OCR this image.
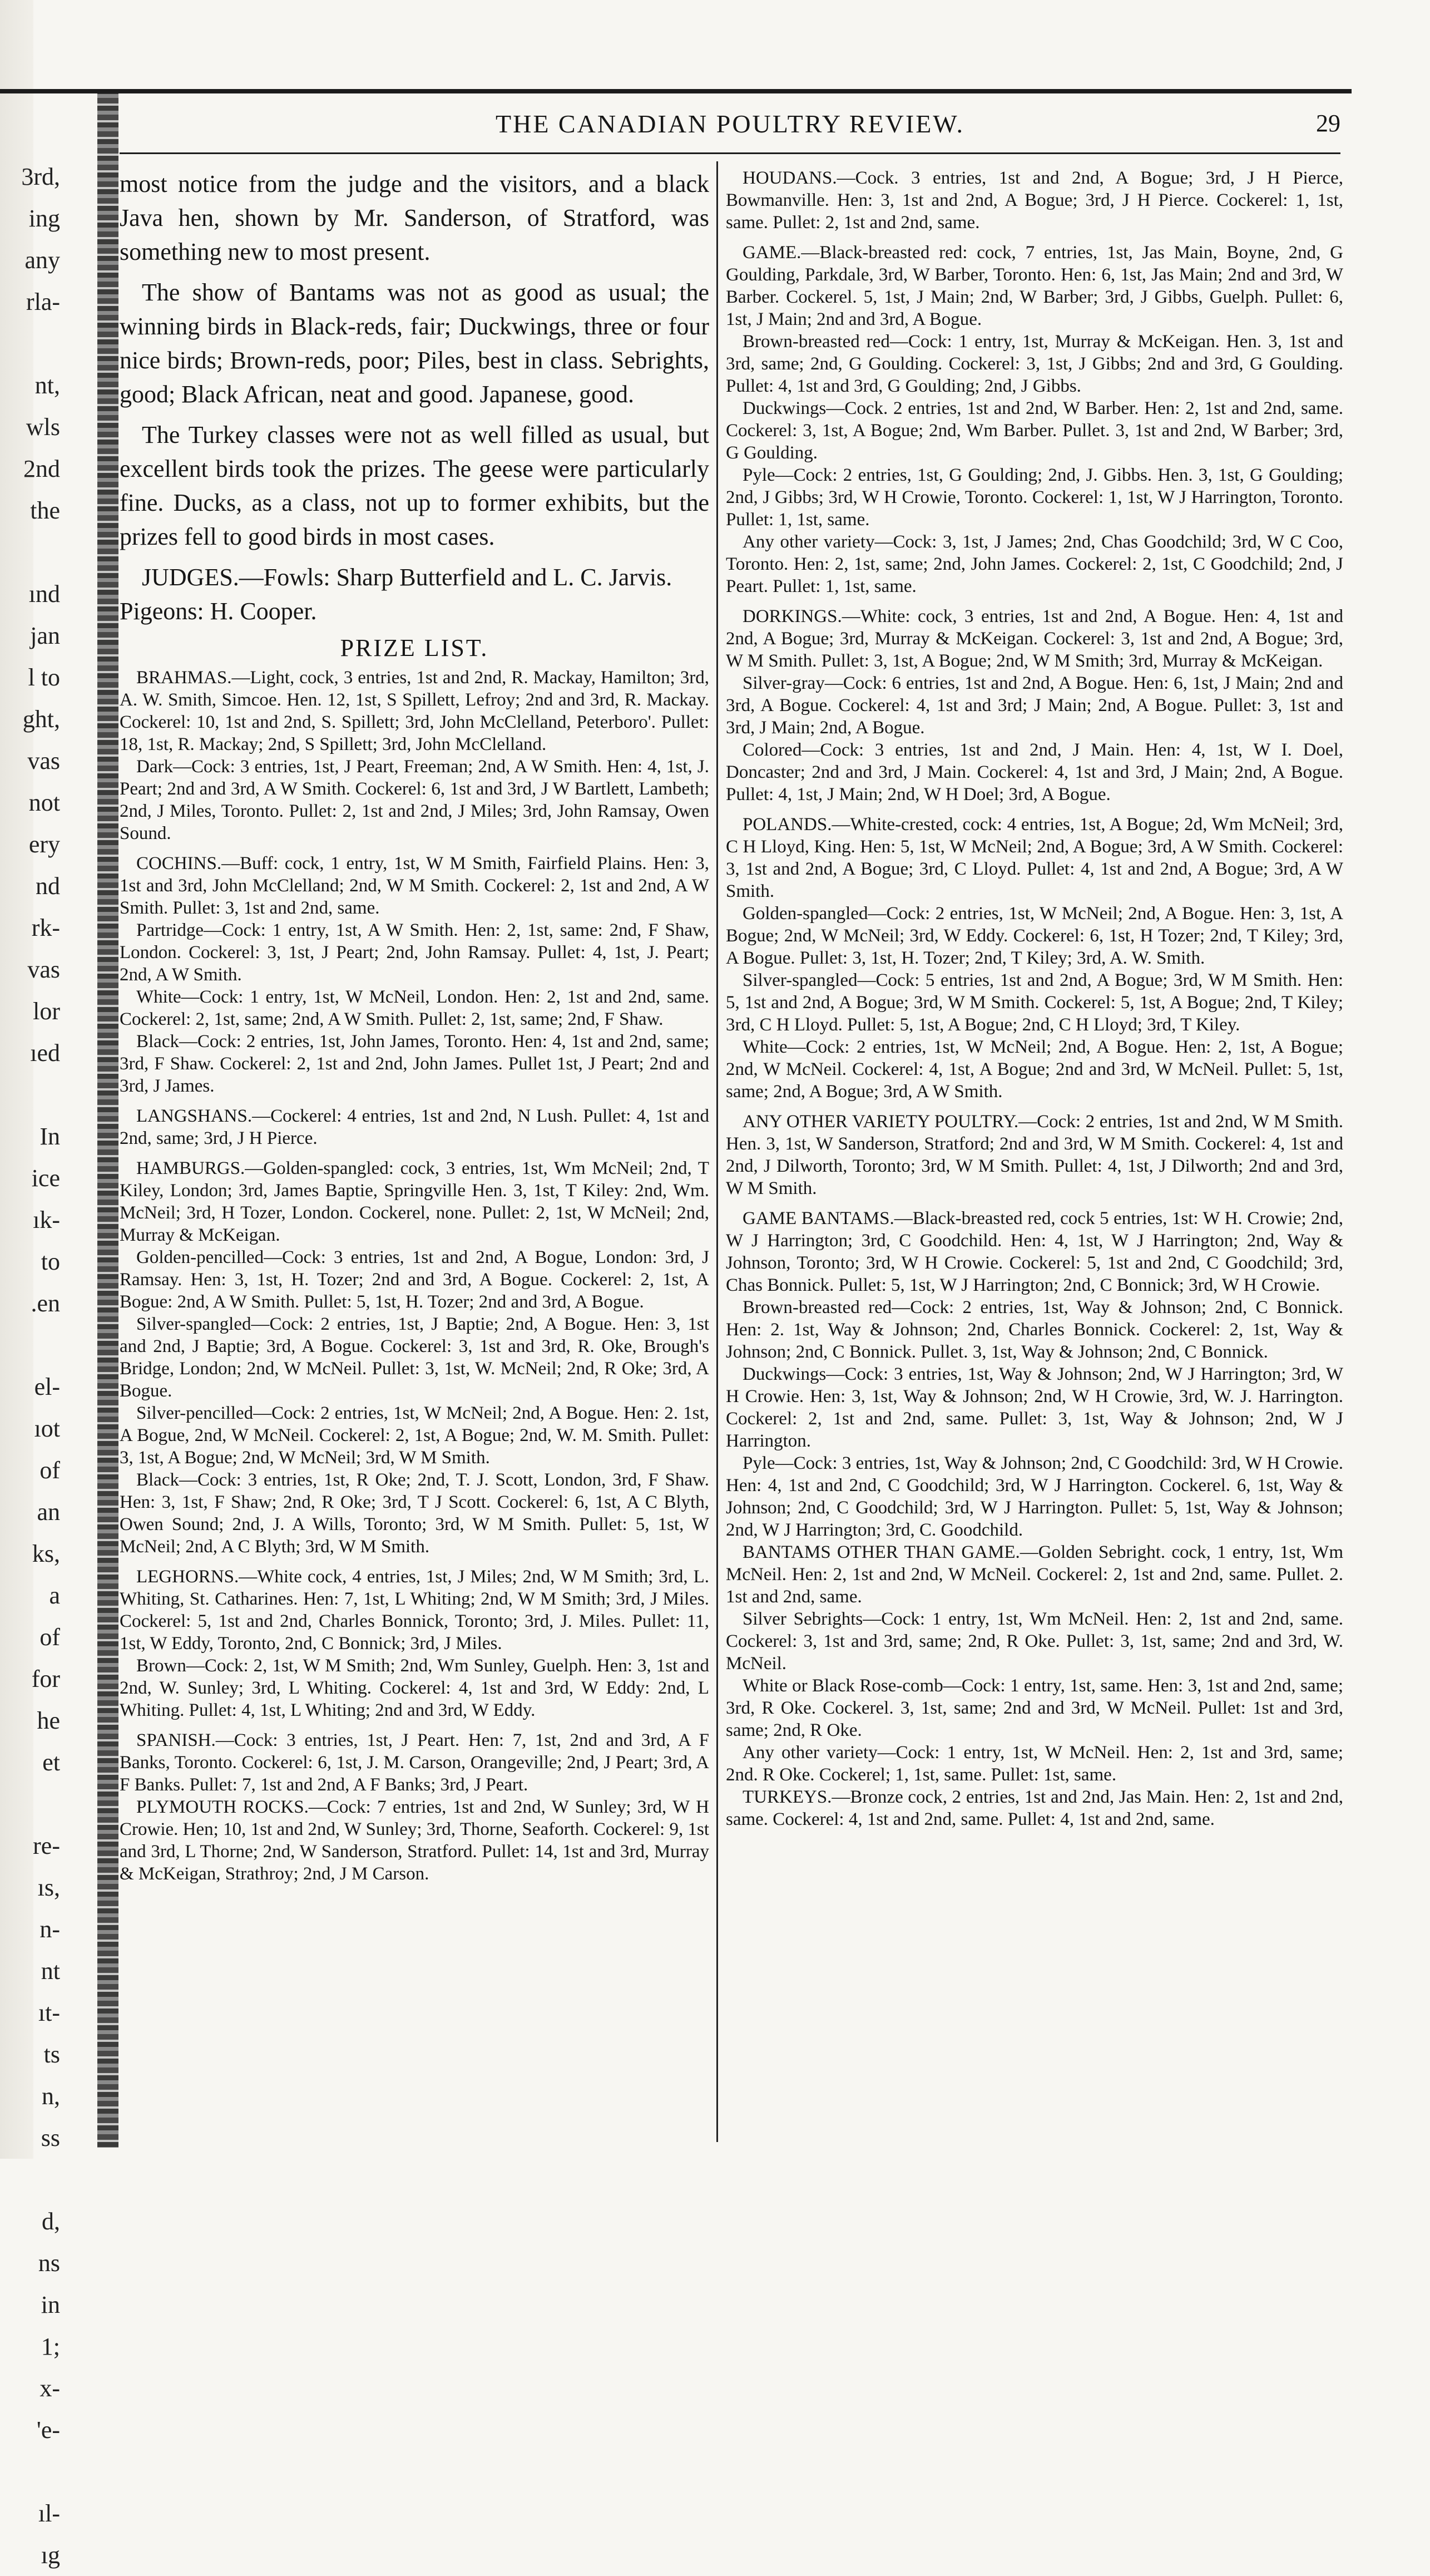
3rd,
ing
any
rla-
nt,
wls
2nd
the
ınd
jan
l to
ght,
vas
not
ery
nd
rk-
vas
lor
ıed
In
ice
ık-
to
.en
el-
ıot
of
an
ks,
a
of
for
he
et
re-
ıs,
n-
nt
ıt-
ts
n,
ss
d,
ns
in
1;
x-
'e-
ıl-
ıg
THE CANADIAN POULTRY REVIEW.	29

most notice from the judge and the visitors, and a black Java hen, shown by Mr. Sanderson, of Stratford, was something new to most present.

The show of Bantams was not as good as usual; the winning birds in Black-reds, fair; Duckwings, three or four nice birds; Brown-reds, poor; Piles, best in class. Sebrights, good; Black African, neat and good. Japanese, good.

The Turkey classes were not as well filled as usual, but excellent birds took the prizes. The geese were particularly fine. Ducks, as a class, not up to former exhibits, but the prizes fell to good birds in most cases.

JUDGES.—Fowls: Sharp Butterfield and L. C. Jarvis. Pigeons: H. Cooper.
PRIZE LIST.

BRAHMAS.—Light, cock, 3 entries, 1st and 2nd, R. Mackay, Hamilton; 3rd, A. W. Smith, Simcoe. Hen. 12, 1st, S Spillett, Lefroy; 2nd and 3rd, R. Mackay. Cockerel: 10, 1st and 2nd, S. Spillett; 3rd, John McClelland, Peterboro'. Pullet: 18, 1st, R. Mackay; 2nd, S Spillett; 3rd, John McClelland.

Dark—Cock: 3 entries, 1st, J Peart, Freeman; 2nd, A W Smith. Hen: 4, 1st, J. Peart; 2nd and 3rd, A W Smith. Cockerel: 6, 1st and 3rd, J W Bartlett, Lambeth; 2nd, J Miles, Toronto. Pullet: 2, 1st and 2nd, J Miles; 3rd, John Ramsay, Owen Sound.

COCHINS.—Buff: cock, 1 entry, 1st, W M Smith, Fairfield Plains. Hen: 3, 1st and 3rd, John McClelland; 2nd, W M Smith. Cockerel: 2, 1st and 2nd, A W Smith. Pullet: 3, 1st and 2nd, same.

Partridge—Cock: 1 entry, 1st, A W Smith. Hen: 2, 1st, same: 2nd, F Shaw, London. Cockerel: 3, 1st, J Peart; 2nd, John Ramsay. Pullet: 4, 1st, J. Peart; 2nd, A W Smith.

White—Cock: 1 entry, 1st, W McNeil, London. Hen: 2, 1st and 2nd, same. Cockerel: 2, 1st, same; 2nd, A W Smith. Pullet: 2, 1st, same; 2nd, F Shaw.

Black—Cock: 2 entries, 1st, John James, Toronto. Hen: 4, 1st and 2nd, same; 3rd, F Shaw. Cockerel: 2, 1st and 2nd, John James. Pullet 1st, J Peart; 2nd and 3rd, J James.

LANGSHANS.—Cockerel: 4 entries, 1st and 2nd, N Lush. Pullet: 4, 1st and 2nd, same; 3rd, J H Pierce.

HAMBURGS.—Golden-spangled: cock, 3 entries, 1st, Wm McNeil; 2nd, T Kiley, London; 3rd, James Baptie, Springville Hen. 3, 1st, T Kiley: 2nd, Wm. McNeil; 3rd, H Tozer, London. Cockerel, none. Pullet: 2, 1st, W McNeil; 2nd, Murray & McKeigan.

Golden-pencilled—Cock: 3 entries, 1st and 2nd, A Bogue, London: 3rd, J Ramsay. Hen: 3, 1st, H. Tozer; 2nd and 3rd, A Bogue. Cockerel: 2, 1st, A Bogue: 2nd, A W Smith. Pullet: 5, 1st, H. Tozer; 2nd and 3rd, A Bogue.

Silver-spangled—Cock: 2 entries, 1st, J Baptie; 2nd, A Bogue. Hen: 3, 1st and 2nd, J Baptie; 3rd, A Bogue. Cockerel: 3, 1st and 3rd, R. Oke, Brough's Bridge, London; 2nd, W McNeil. Pullet: 3, 1st, W. McNeil; 2nd, R Oke; 3rd, A Bogue.

Silver-pencilled—Cock: 2 entries, 1st, W McNeil; 2nd, A Bogue. Hen: 2. 1st, A Bogue, 2nd, W McNeil. Cockerel: 2, 1st, A Bogue; 2nd, W. M. Smith. Pullet: 3, 1st, A Bogue; 2nd, W McNeil; 3rd, W M Smith.

Black—Cock: 3 entries, 1st, R Oke; 2nd, T. J. Scott, London, 3rd, F Shaw. Hen: 3, 1st, F Shaw; 2nd, R Oke; 3rd, T J Scott. Cockerel: 6, 1st, A C Blyth, Owen Sound; 2nd, J. A Wills, Toronto; 3rd, W M Smith. Pullet: 5, 1st, W McNeil; 2nd, A C Blyth; 3rd, W M Smith.

LEGHORNS.—White cock, 4 entries, 1st, J Miles; 2nd, W M Smith; 3rd, L. Whiting, St. Catharines. Hen: 7, 1st, L Whiting; 2nd, W M Smith; 3rd, J Miles. Cockerel: 5, 1st and 2nd, Charles Bonnick, Toronto; 3rd, J. Miles. Pullet: 11, 1st, W Eddy, Toronto, 2nd, C Bonnick; 3rd, J Miles.

Brown—Cock: 2, 1st, W M Smith; 2nd, Wm Sunley, Guelph. Hen: 3, 1st and 2nd, W. Sunley; 3rd, L Whiting. Cockerel: 4, 1st and 3rd, W Eddy: 2nd, L Whiting. Pullet: 4, 1st, L Whiting; 2nd and 3rd, W Eddy.

SPANISH.—Cock: 3 entries, 1st, J Peart. Hen: 7, 1st, 2nd and 3rd, A F Banks, Toronto. Cockerel: 6, 1st, J. M. Carson, Orangeville; 2nd, J Peart; 3rd, A F Banks. Pullet: 7, 1st and 2nd, A F Banks; 3rd, J Peart.

PLYMOUTH ROCKS.—Cock: 7 entries, 1st and 2nd, W Sunley; 3rd, W H Crowie. Hen; 10, 1st and 2nd, W Sunley; 3rd, Thorne, Seaforth. Cockerel: 9, 1st and 3rd, L Thorne; 2nd, W Sanderson, Stratford. Pullet: 14, 1st and 3rd, Murray & McKeigan, Strathroy; 2nd, J M Carson.

HOUDANS.—Cock. 3 entries, 1st and 2nd, A Bogue; 3rd, J H Pierce, Bowmanville. Hen: 3, 1st and 2nd, A Bogue; 3rd, J H Pierce. Cockerel: 1, 1st, same. Pullet: 2, 1st and 2nd, same.

GAME.—Black-breasted red: cock, 7 entries, 1st, Jas Main, Boyne, 2nd, G Goulding, Parkdale, 3rd, W Barber, Toronto. Hen: 6, 1st, Jas Main; 2nd and 3rd, W Barber. Cockerel. 5, 1st, J Main; 2nd, W Barber; 3rd, J Gibbs, Guelph. Pullet: 6, 1st, J Main; 2nd and 3rd, A Bogue.

Brown-breasted red—Cock: 1 entry, 1st, Murray & McKeigan. Hen. 3, 1st and 3rd, same; 2nd, G Goulding. Cockerel: 3, 1st, J Gibbs; 2nd and 3rd, G Goulding. Pullet: 4, 1st and 3rd, G Goulding; 2nd, J Gibbs.

Duckwings—Cock. 2 entries, 1st and 2nd, W Barber. Hen: 2, 1st and 2nd, same. Cockerel: 3, 1st, A Bogue; 2nd, Wm Barber. Pullet. 3, 1st and 2nd, W Barber; 3rd, G Goulding.

Pyle—Cock: 2 entries, 1st, G Goulding; 2nd, J. Gibbs. Hen. 3, 1st, G Goulding; 2nd, J Gibbs; 3rd, W H Crowie, Toronto. Cockerel: 1, 1st, W J Harrington, Toronto. Pullet: 1, 1st, same.

Any other variety—Cock: 3, 1st, J James; 2nd, Chas Goodchild; 3rd, W C Coo, Toronto. Hen: 2, 1st, same; 2nd, John James. Cockerel: 2, 1st, C Goodchild; 2nd, J Peart. Pullet: 1, 1st, same.

DORKINGS.—White: cock, 3 entries, 1st and 2nd, A Bogue. Hen: 4, 1st and 2nd, A Bogue; 3rd, Murray & McKeigan. Cockerel: 3, 1st and 2nd, A Bogue; 3rd, W M Smith. Pullet: 3, 1st, A Bogue; 2nd, W M Smith; 3rd, Murray & McKeigan.

Silver-gray—Cock: 6 entries, 1st and 2nd, A Bogue. Hen: 6, 1st, J Main; 2nd and 3rd, A Bogue. Cockerel: 4, 1st and 3rd; J Main; 2nd, A Bogue. Pullet: 3, 1st and 3rd, J Main; 2nd, A Bogue.

Colored—Cock: 3 entries, 1st and 2nd, J Main. Hen: 4, 1st, W I. Doel, Doncaster; 2nd and 3rd, J Main. Cockerel: 4, 1st and 3rd, J Main; 2nd, A Bogue. Pullet: 4, 1st, J Main; 2nd, W H Doel; 3rd, A Bogue.

POLANDS.—White-crested, cock: 4 entries, 1st, A Bogue; 2d, Wm McNeil; 3rd, C H Lloyd, King. Hen: 5, 1st, W McNeil; 2nd, A Bogue; 3rd, A W Smith. Cockerel: 3, 1st and 2nd, A Bogue; 3rd, C Lloyd. Pullet: 4, 1st and 2nd, A Bogue; 3rd, A W Smith.

Golden-spangled—Cock: 2 entries, 1st, W McNeil; 2nd, A Bogue. Hen: 3, 1st, A Bogue; 2nd, W McNeil; 3rd, W Eddy. Cockerel: 6, 1st, H Tozer; 2nd, T Kiley; 3rd, A Bogue. Pullet: 3, 1st, H. Tozer; 2nd, T Kiley; 3rd, A. W. Smith.

Silver-spangled—Cock: 5 entries, 1st and 2nd, A Bogue; 3rd, W M Smith. Hen: 5, 1st and 2nd, A Bogue; 3rd, W M Smith. Cockerel: 5, 1st, A Bogue; 2nd, T Kiley; 3rd, C H Lloyd. Pullet: 5, 1st, A Bogue; 2nd, C H Lloyd; 3rd, T Kiley.

White—Cock: 2 entries, 1st, W McNeil; 2nd, A Bogue. Hen: 2, 1st, A Bogue; 2nd, W McNeil. Cockerel: 4, 1st, A Bogue; 2nd and 3rd, W McNeil. Pullet: 5, 1st, same; 2nd, A Bogue; 3rd, A W Smith.

ANY OTHER VARIETY POULTRY.—Cock: 2 entries, 1st and 2nd, W M Smith. Hen. 3, 1st, W Sanderson, Stratford; 2nd and 3rd, W M Smith. Cockerel: 4, 1st and 2nd, J Dilworth, Toronto; 3rd, W M Smith. Pullet: 4, 1st, J Dilworth; 2nd and 3rd, W M Smith.

GAME BANTAMS.—Black-breasted red, cock 5 entries, 1st: W H. Crowie; 2nd, W J Harrington; 3rd, C Goodchild. Hen: 4, 1st, W J Harrington; 2nd, Way & Johnson, Toronto; 3rd, W H Crowie. Cockerel: 5, 1st and 2nd, C Goodchild; 3rd, Chas Bonnick. Pullet: 5, 1st, W J Harrington; 2nd, C Bonnick; 3rd, W H Crowie.

Brown-breasted red—Cock: 2 entries, 1st, Way & Johnson; 2nd, C Bonnick. Hen: 2. 1st, Way & Johnson; 2nd, Charles Bonnick. Cockerel: 2, 1st, Way & Johnson; 2nd, C Bonnick. Pullet. 3, 1st, Way & Johnson; 2nd, C Bonnick.

Duckwings—Cock: 3 entries, 1st, Way & Johnson; 2nd, W J Harrington; 3rd, W H Crowie. Hen: 3, 1st, Way & Johnson; 2nd, W H Crowie, 3rd, W. J. Harrington. Cockerel: 2, 1st and 2nd, same. Pullet: 3, 1st, Way & Johnson; 2nd, W J Harrington.

Pyle—Cock: 3 entries, 1st, Way & Johnson; 2nd, C Goodchild: 3rd, W H Crowie. Hen: 4, 1st and 2nd, C Goodchild; 3rd, W J Harrington. Cockerel. 6, 1st, Way & Johnson; 2nd, C Goodchild; 3rd, W J Harrington. Pullet: 5, 1st, Way & Johnson; 2nd, W J Harrington; 3rd, C. Goodchild.

BANTAMS OTHER THAN GAME.—Golden Sebright. cock, 1 entry, 1st, Wm McNeil. Hen: 2, 1st and 2nd, W McNeil. Cockerel: 2, 1st and 2nd, same. Pullet. 2. 1st and 2nd, same.

Silver Sebrights—Cock: 1 entry, 1st, Wm McNeil. Hen: 2, 1st and 2nd, same. Cockerel: 3, 1st and 3rd, same; 2nd, R Oke. Pullet: 3, 1st, same; 2nd and 3rd, W. McNeil.

White or Black Rose-comb—Cock: 1 entry, 1st, same. Hen: 3, 1st and 2nd, same; 3rd, R Oke. Cockerel. 3, 1st, same; 2nd and 3rd, W McNeil. Pullet: 1st and 3rd, same; 2nd, R Oke.

Any other variety—Cock: 1 entry, 1st, W McNeil. Hen: 2, 1st and 3rd, same; 2nd. R Oke. Cockerel; 1, 1st, same. Pullet: 1st, same.

TURKEYS.—Bronze cock, 2 entries, 1st and 2nd, Jas Main. Hen: 2, 1st and 2nd, same. Cockerel: 4, 1st and 2nd, same. Pullet: 4, 1st and 2nd, same.
